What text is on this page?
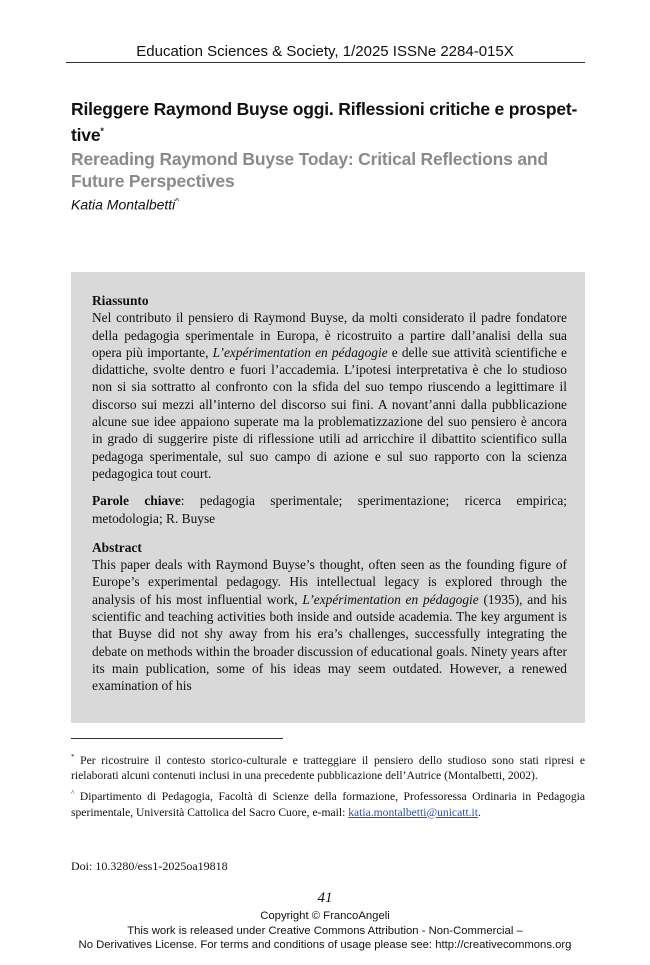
Education Sciences & Society, 1/2025 ISSNe 2284-015X
Rileggere Raymond Buyse oggi. Riflessioni critiche e prospet-
tive*
Rereading Raymond Buyse Today: Critical Reflections and
Future Perspectives
Katia Montalbetti^
Riassunto

Nel contributo il pensiero di Raymond Buyse, da molti considerato il padre fondatore della pedagogia sperimentale in Europa, è ricostruito a partire dall’analisi della sua opera più importante, L’expérimentation en pédagogie e delle sue attività scientifiche e didattiche, svolte dentro e fuori l’accademia. L’ipotesi interpretativa è che lo studioso non si sia sottratto al confronto con la sfida del suo tempo riuscendo a legittimare il discorso sui mezzi all’interno del discorso sui fini. A novant’anni dalla pubblicazione alcune sue idee appaiono superate ma la problematizzazione del suo pensiero è ancora in grado di suggerire piste di riflessione utili ad arricchire il dibattito scientifico sulla pedagoga sperimentale, sul suo campo di azione e sul suo rapporto con la scienza pedagogica tout court.

Parole chiave: pedagogia sperimentale; sperimentazione; ricerca empirica; metodologia; R. Buyse

Abstract

This paper deals with Raymond Buyse’s thought, often seen as the founding figure of Europe’s experimental pedagogy. His intellectual legacy is explored through the analysis of his most influential work, L’expérimentation en pédagogie (1935), and his scientific and teaching activities both inside and outside academia. The key argument is that Buyse did not shy away from his era’s challenges, successfully integrating the debate on methods within the broader discussion of educational goals. Ninety years after its main publication, some of his ideas may seem outdated. However, a renewed examination of his

* Per ricostruire il contesto storico-culturale e tratteggiare il pensiero dello studioso sono stati ripresi e rielaborati alcuni contenuti inclusi in una precedente pubblicazione dell’Autrice (Montalbetti, 2002).

^ Dipartimento di Pedagogia, Facoltà di Scienze della formazione, Professoressa Ordinaria in Pedagogia sperimentale, Università Cattolica del Sacro Cuore, e-mail: katia.montalbetti@unicatt.it.

Doi: 10.3280/ess1-2025oa19818
41
Copyright © FrancoAngeli
This work is released under Creative Commons Attribution - Non-Commercial –
No Derivatives License. For terms and conditions of usage please see: http://creativecommons.org
